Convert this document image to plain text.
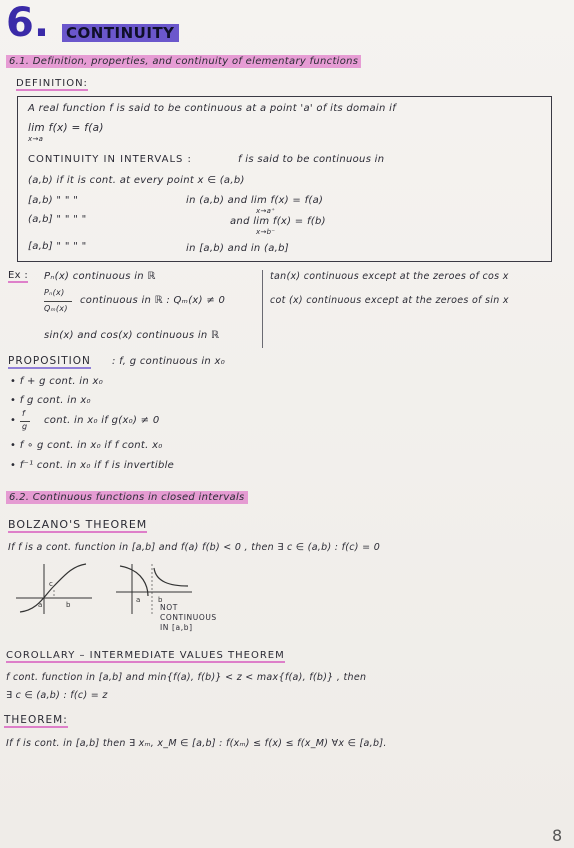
6. CONTINUITY
6.1. Definition, properties, and continuity of elementary functions
DEFINITION:
A real function f is said to be continuous at a point 'a' of its domain if
lim f(x) = f(a)
x→a
CONTINUITY IN INTERVALS :	f is said to be continuous in
(a,b) if it is cont. at every point x ∈ (a,b)
[a,b) " " "	in (a,b) and lim f(x) = f(a)
x→a⁺
(a,b] " " " "	and lim f(x) = f(b)
x→b⁻
[a,b] " " " "	in [a,b) and in (a,b]
Ex : Pₙ(x) continuous in ℝ
Pₙ(x)
Qₘ(x)
continuous in ℝ : Qₘ(x) ≠ 0
sin(x) and cos(x) continuous in ℝ
tan(x) continuous except at the zeroes of cos x
cot (x) continuous except at the zeroes of sin x
PROPOSITION : f, g continuous in x₀
• f + g cont. in x₀
• f g cont. in x₀
•
f
g
cont. in x₀ if g(x₀) ≠ 0
• f ∘ g cont. in x₀ if f cont. x₀
• f⁻¹ cont. in x₀ if f is invertible
6.2. Continuous functions in closed intervals
BOLZANO'S THEOREM
If f is a cont. function in [a,b] and f(a) f(b) < 0 , then ∃ c ∈ (a,b) : f(c) = 0
a	b
c
a	b
NOT
CONTINUOUS
IN [a,b]
COROLLARY – INTERMEDIATE VALUES THEOREM
f cont. function in [a,b] and min{f(a), f(b)} < z < max{f(a), f(b)} , then
∃ c ∈ (a,b) : f(c) = z
THEOREM:
If f is cont. in [a,b] then ∃ xₘ, x_M ∈ [a,b] : f(xₘ) ≤ f(x) ≤ f(x_M) ∀x ∈ [a,b].
8
